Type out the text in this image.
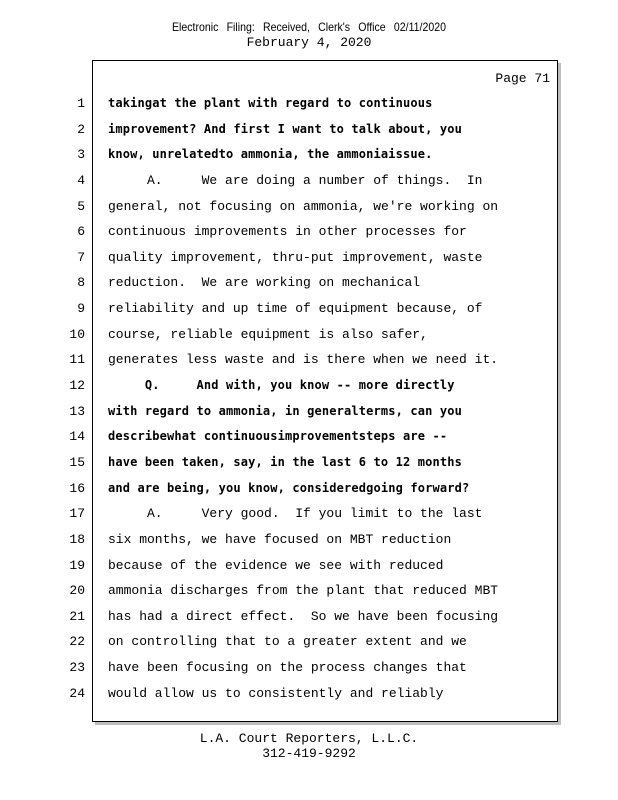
Electronic Filing: Received, Clerk's Office 02/11/2020
February 4, 2020
Page 71
1 takingat the plant with regard to continuous
2 improvement? And first I want to talk about, you
3 know, unrelatedto ammonia, the ammoniaissue.
4 A.     We are doing a number of things.  In
5 general, not focusing on ammonia, we're working on
6 continuous improvements in other processes for
7 quality improvement, thru-put improvement, waste
8 reduction.  We are working on mechanical
9 reliability and up time of equipment because, of
10 course, reliable equipment is also safer,
11 generates less waste and is there when we need it.
12 Q.     And with, you know -- more directly
13 with regard to ammonia, in generalterms, can you
14 describewhat continuousimprovementsteps are --
15 have been taken, say, in the last 6 to 12 months
16 and are being, you know, consideredgoing forward?
17 A.     Very good.  If you limit to the last
18 six months, we have focused on MBT reduction
19 because of the evidence we see with reduced
20 ammonia discharges from the plant that reduced MBT
21 has had a direct effect.  So we have been focusing
22 on controlling that to a greater extent and we
23 have been focusing on the process changes that
24 would allow us to consistently and reliably
L.A. Court Reporters, L.L.C.
312-419-9292
